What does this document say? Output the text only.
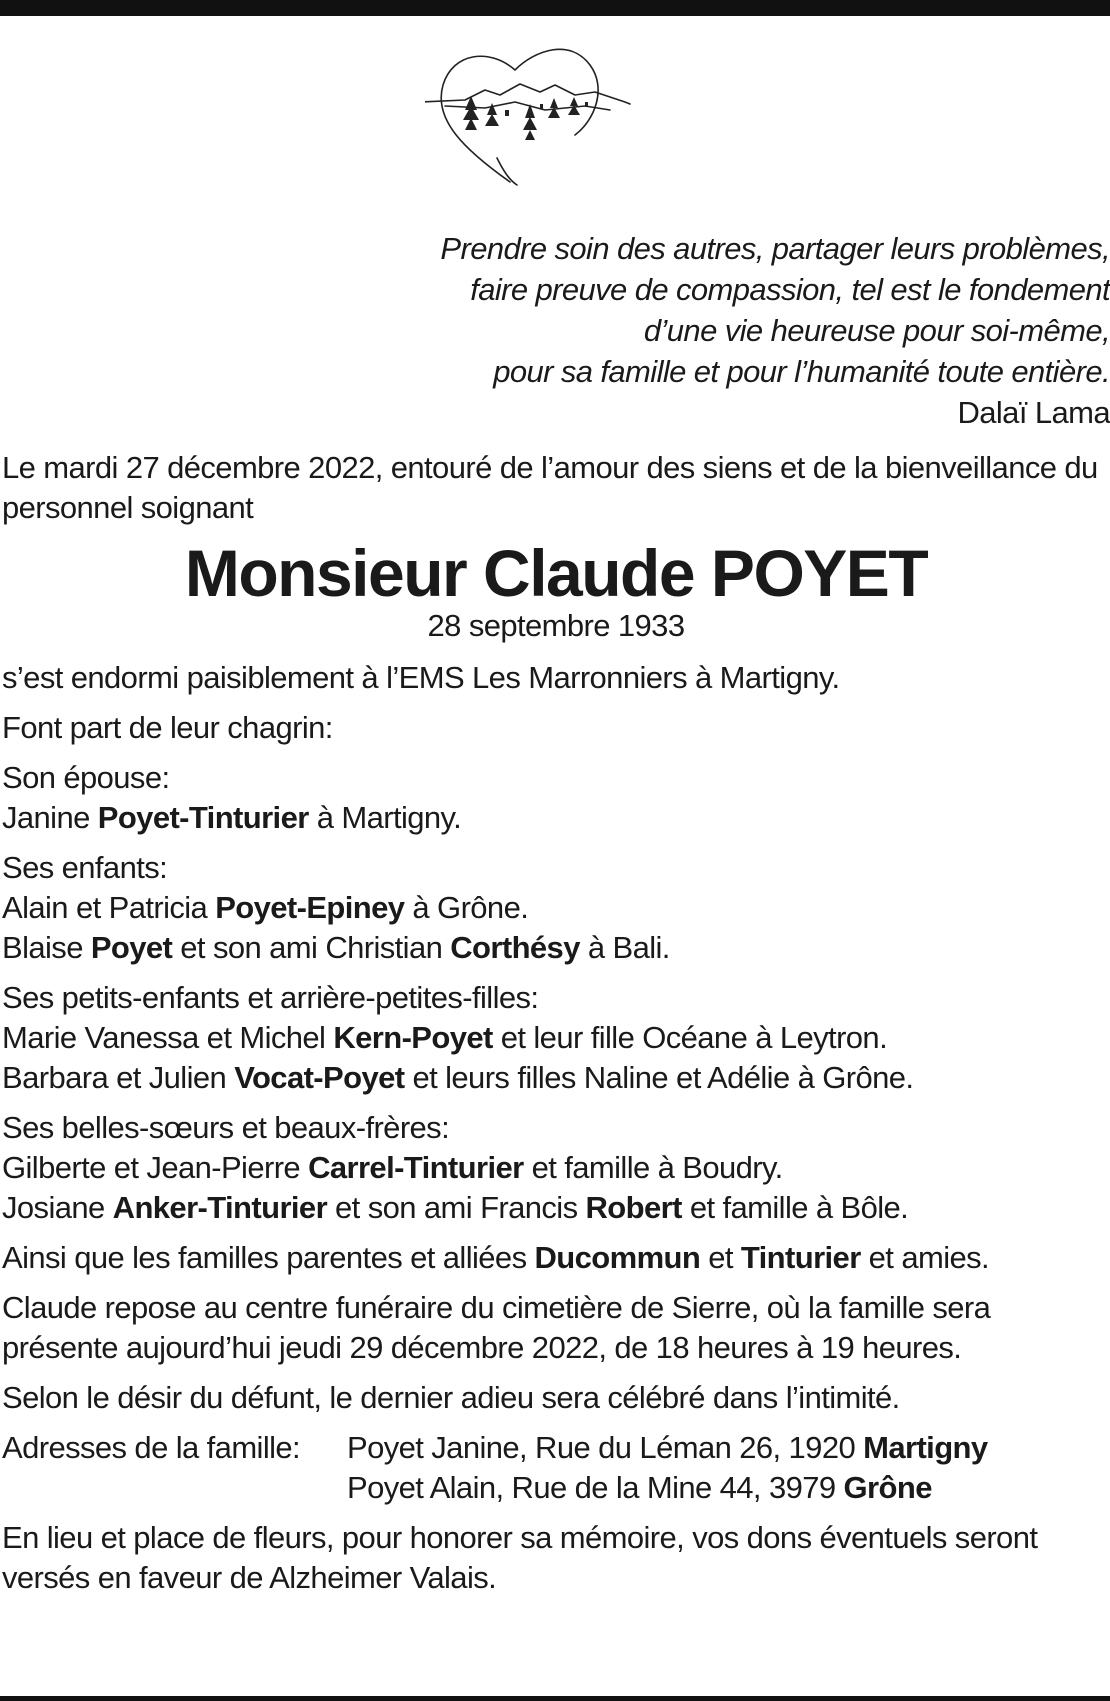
Prendre soin des autres, partager leurs problèmes,
faire preuve de compassion, tel est le fondement
d’une vie heureuse pour soi-même,
pour sa famille et pour l’humanité toute entière.
Dalaï Lama

Le mardi 27 décembre 2022, entouré de l’amour des siens et de la bienveillance du personnel soignant

Monsieur Claude POYET
28 septembre 1933

s’est endormi paisiblement à l’EMS Les Marronniers à Martigny.

Font part de leur chagrin:

Son épouse:
Janine Poyet-Tinturier à Martigny.

Ses enfants:
Alain et Patricia Poyet-Epiney à Grône.
Blaise Poyet et son ami Christian Corthésy à Bali.

Ses petits-enfants et arrière-petites-filles:
Marie Vanessa et Michel Kern-Poyet et leur fille Océane à Leytron.
Barbara et Julien Vocat-Poyet et leurs filles Naline et Adélie à Grône.

Ses belles-sœurs et beaux-frères:
Gilberte et Jean-Pierre Carrel-Tinturier et famille à Boudry.
Josiane Anker-Tinturier et son ami Francis Robert et famille à Bôle.

Ainsi que les familles parentes et alliées Ducommun et Tinturier et amies.

Claude repose au centre funéraire du cimetière de Sierre, où la famille sera présente aujourd’hui jeudi 29 décembre 2022, de 18 heures à 19 heures.

Selon le désir du défunt, le dernier adieu sera célébré dans l’intimité.

Adresses de la famille:	Poyet Janine, Rue du Léman 26, 1920 Martigny
Poyet Alain, Rue de la Mine 44, 3979 Grône

En lieu et place de fleurs, pour honorer sa mémoire, vos dons éventuels seront versés en faveur de Alzheimer Valais.
